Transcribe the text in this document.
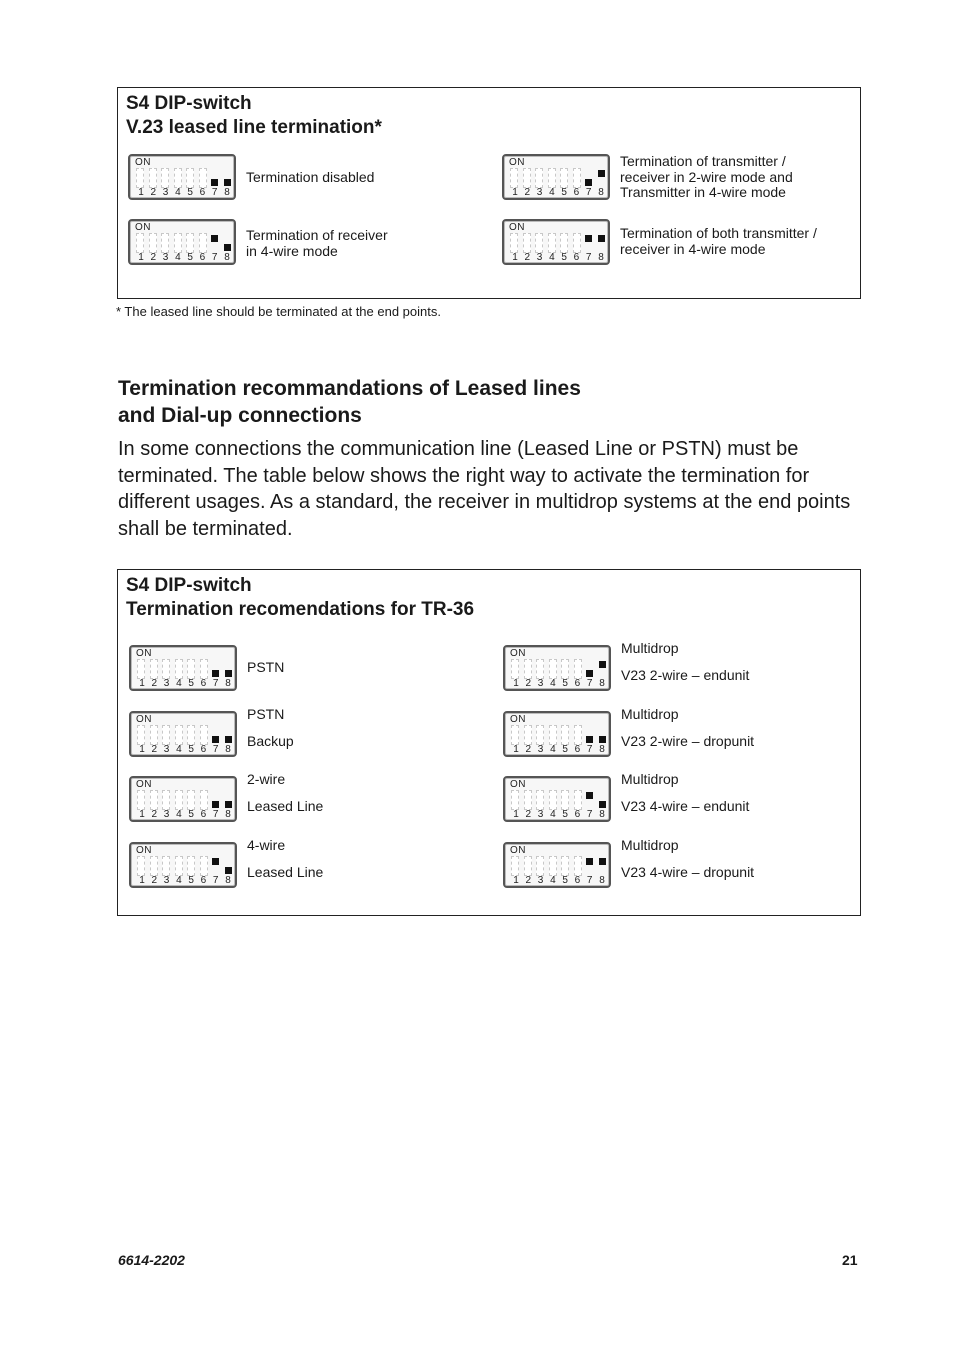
S4 DIP-switch
V.23 leased line termination*
ON
1 2 3 4 5 6 7 8
Termination disabled
ON
1 2 3 4 5 6 7 8
Termination of transmitter /
receiver in 2-wire mode and
Transmitter in 4-wire mode
ON
1 2 3 4 5 6 7 8
Termination of receiver
in 4-wire mode
ON
1 2 3 4 5 6 7 8
Termination of both transmitter /
receiver in 4-wire mode
* The leased line should be terminated at the end points.
Termination recommandations of Leased lines
and Dial-up connections
In some connections the communication line (Leased Line or PSTN) must be terminated. The table below shows the right way to activate the termination for different usages. As a standard, the receiver in multidrop systems at the end points shall be terminated.
S4 DIP-switch
Termination recomendations for TR-36
ON
1 2 3 4 5 6 7 8
PSTN
ON
1 2 3 4 5 6 7 8
Multidrop
V23 2-wire – endunit
ON
1 2 3 4 5 6 7 8
PSTN
Backup
ON
1 2 3 4 5 6 7 8
Multidrop
V23 2-wire – dropunit
ON
1 2 3 4 5 6 7 8
2-wire
Leased Line
ON
1 2 3 4 5 6 7 8
Multidrop
V23 4-wire – endunit
ON
1 2 3 4 5 6 7 8
4-wire
Leased Line
ON
1 2 3 4 5 6 7 8
Multidrop
V23 4-wire – dropunit
6614-2202	21
